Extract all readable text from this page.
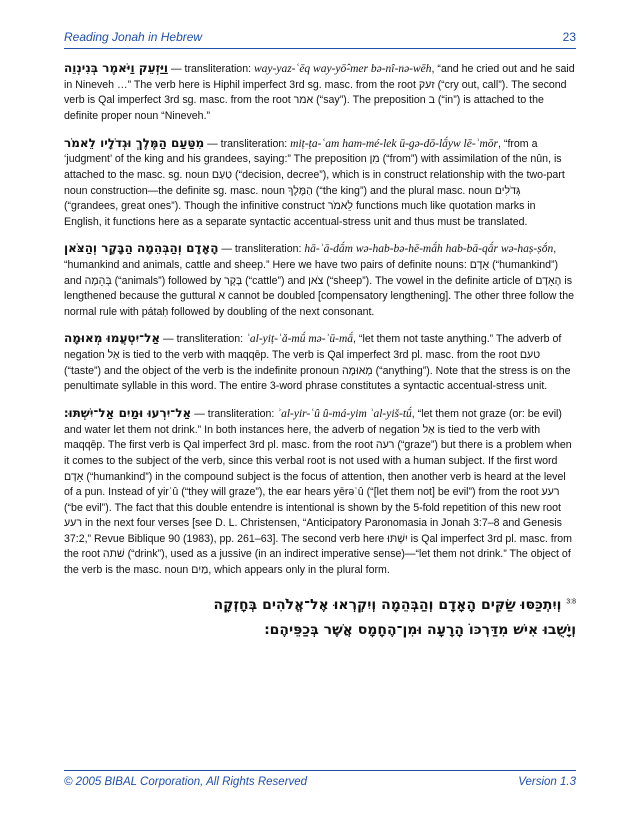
Reading Jonah in Hebrew	23

וַיַּזְעֵק וַיֹּאמֶר בְּנִינְוֵה — transliteration: way-yaz-ʿēq way-yō̂-mer bə-nî-nə-wēh, “and he cried out and he said in Nineveh …” The verb here is Hiphil imperfect 3rd sg. masc. from the root זעק (“cry out, call”). The second verb is Qal imperfect 3rd sg. masc. from the root אמר (“say”). The preposition ב (“in”) is attached to the definite proper noun “Nineveh.”

מִטַּעַם הַמֶּלֶךְ וּגְדֹלָיו לֵאמֹר — transliteration: miṭ-ṭa-ʿam ham-mé-lek ū-gə-dō-lā́yw lē-ʾmōr, “from a ‘judgment’ of the king and his grandees, saying:” The preposition מִן (“from”) with assimilation of the nûn, is attached to the masc. sg. noun טַעַם (“decision, decree”), which is in construct relationship with the two-part noun construction—the definite sg. masc. noun הַמֶּלֶךְ (“the king”) and the plural masc. noun גְּדֹלִים (“grandees, great ones”). Though the infinitive construct לֵאמֹר functions much like quotation marks in English, it functions here as a separate syntactic accentual-stress unit and thus must be translated.

הָאָדָם וְהַבְּהֵמָה הַבָּקָר וְהַצֹּאן — transliteration: hā-ʾā-dā́m wə-hab-bə-hē-mā́h hab-bā-qā́r wə-haṣ-ṣṓn, “humankind and animals, cattle and sheep.” Here we have two pairs of definite nouns: אָדָם (“humankind”) and בְּהֵמָה (“animals”) followed by בָּקָר (“cattle”) and צֹאן (“sheep”). The vowel in the definite article of הָאָדָם is lengthened because the guttural א cannot be doubled [compensatory lengthening]. The other three follow the normal rule with pátaḥ followed by doubling of the next consonant.

אַל־יִטְעֲמוּ מְאוּמָה — transliteration: ʾal-yiṭ-ʿă-mū́ mə-ʾū-mā́, “let them not taste anything.” The adverb of negation אַל is tied to the verb with maqqēp. The verb is Qal imperfect 3rd pl. masc. from the root טעם (“taste”) and the object of the verb is the indefinite pronoun מְאוּמָה (“anything”). Note that the stress is on the penultimate syllable in this word. The entire 3-word phrase constitutes a syntactic accentual-stress unit.

אַל־יִרְעוּ וּמַיִם אַל־יִשְׁתּוּ׃ — transliteration: ʾal-yir-ʿû û-má-yim ʾal-yiš-tū́, “let them not graze (or: be evil) and water let them not drink.” In both instances here, the adverb of negation אַל is tied to the verb with maqqēp. The first verb is Qal imperfect 3rd pl. masc. from the root רעה (“graze”) but there is a problem when it comes to the subject of the verb, since this verbal root is not used with a human subject. If the first word אָדָם (“humankind”) in the compound subject is the focus of attention, then another verb is heard at the level of a pun. Instead of yirʿû (“they will graze”), the ear hears yērəʿû (“[let them not] be evil”) from the root רעע (“be evil”). The fact that this double entendre is intentional is shown by the 5-fold repetition of this new root רעע in the next four verses [see D. L. Christensen, “Anticipatory Paronomasia in Jonah 3:7–8 and Genesis 37:2,” Revue Biblique 90 (1983), pp. 261–63]. The second verb here יִשְׁתּוּ is Qal imperfect 3rd pl. masc. from the root שׁתה (“drink”), used as a jussive (in an indirect imperative sense)—“let them not drink.” The object of the verb is the masc. noun מַיִם, which appears only in the plural form.

$^{3:8}$ וְיִתְכַּסּוּ שַׂקִּים הָאָדָם וְהַבְּהֵמָה וְיִקְרְאוּ אֶל־אֱלֹהִים בְּחָזְקָה
וְיָשֻׁבוּ אִישׁ מִדַּרְכּוֹ הָרָעָה וּמִן־הֶחָמָס אֲשֶׁר בְּכַפֵּיהֶם׃
© 2005 BIBAL Corporation, All Rights Reserved	Version 1.3
